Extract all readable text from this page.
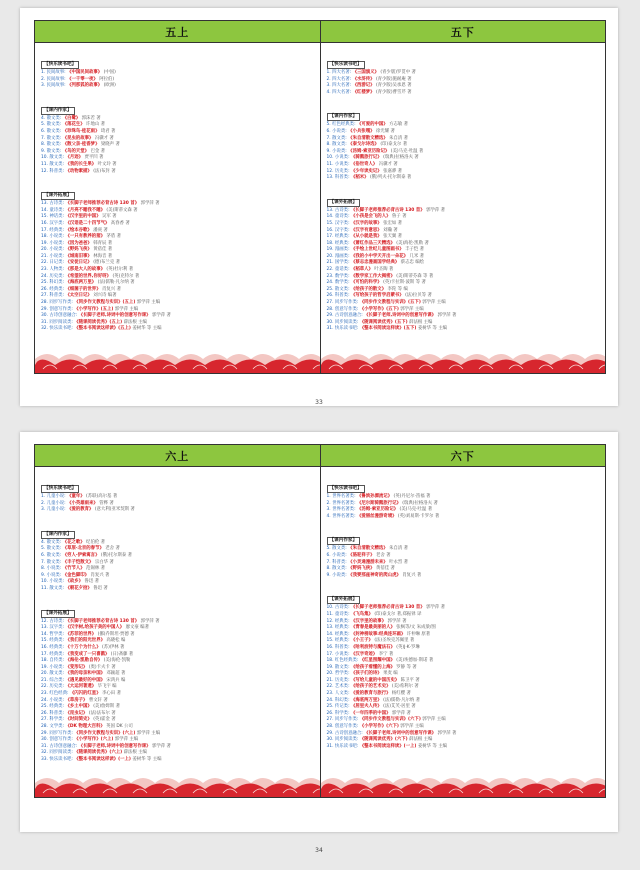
五上
【快乐读书吧】
1. 民间故事: 《中国民间故事》 (中国)
2. 民间故事: 《一千零一夜》 阿拉伯)
3. 民间故事: 《列那狐的故事》 (欧洲)
【课内作家】
4. 散文类: 《白鹭》 郭沫若 著
5. 散文类: 《落花生》 许地山 著
6. 散文类: 《珍珠鸟·桂花雨》 琦君 著
7. 散文类: 《昆虫的故事》 冯骥才 著
8. 散文类: 《散父亲·桂香梦》 梁晓声 著
9. 散文类: 《鸟的天堂》 巴金 著
10. 散文类: 《月迹》 贾平凹 著
11. 散文类: 《我的长生果》 叶文玲 著
12. 科普类: 《动物素描》 (法)布封 著
【课外拓展】
13. 古诗类: 《长脚子老师推荐必背古诗 130 首》 郭学萍 著
14. 童诗类: 《月亮不睡我不睡》 (美)斯蒂文森 著
15. 神话类: 《汉字里的中国》 吴军 著
16. 汉字类: 《汉语是二十四节气》 高春香 著
17. 经典类: 《绘本谷歌》 潘庚 著
18. 小说类: 《一只有教养的猪》 茅盾 著
19. 小说类: 《因为爸爸》 韩青辰 著
20. 小说类: 《野妈飞侠》 黄蓓佳 著
21. 小说类: 《城南旧事》 林海音 著
22. 日记类: 《安徒日记》 (德)布兰克 著
23. 人物类: 《那是大人的故事》 (英)杜尔利 著
24. 历史类: 《希望的世界,你好呀》 (英)克特尔 著
25. 科幻类: 《海底两万里》 (法)儒勒·凡尔纳 著
26. 经典类: 《细菌子的世界》 肖复兴 著
27. 科普类: 《太空日记》 刘兴诗 编著
28. 同步写作类: 《同步作文教程与实训》(五上) 郭学萍 主编
29. 创意写作类: 《小学写作》(五上) 郭学萍 主编
30. 古诗创意融合: 《长脚子老师,诗词中的创意写作课》 郭学萍 著
31. 同步阅读类: 《随课阅读优秀》(五上) 薛法根 主编
32. 快乐读书吧: 《整本书阅读这样读》(五上) 姜树华 等 主编
五下
【快乐读书吧】
1. 四大名著: 《三国演义》 (青少版)罗贯中 著
2. 四大名著: 《水浒传》 (青少版)施耐庵 著
3. 四大名著: 《西游记》 (青少版)吴承恩 著
4. 四大名著: 《红楼梦》 (青少版)曹雪芹 著
【课内作家】
5. 红色经典类: 《可爱的中国》 方志敏 著
6. 小说类: 《小兵张嘎》 徐光耀 著
7. 散文类: 《朱自清散文精选》 朱自清 著
8. 散文类: 《泰戈尔诗选》 (印)泰戈尔 著
9. 小说类: 《汤姆·索亚历险记》 (美)马克·吐温 著
10. 小说类: 《骑鹅旅行记》 (瑞典)拉格洛夫 著
11. 小说类: 《俗世奇人》 冯骥才 著
12. 历史类: 《少年读史记》 张嘉骅 著
13. 科普类: 《稻米》 (俄)列夫·托尔斯泰 著
【课外拓展】
13. 古诗类: 《长脚子老师推荐必背古诗 130 首》 郭学萍 著
14. 童诗类: 《小孩是会飞的人》 鲁子 著
15. 汉字类: 《汉字的故事》 张宏如 著
16. 汉字类: 《汉字有意思》 刘瀚 著
17. 经典类: 《从小就是我》 张天翼 著
18. 经典类: 《萧红作品三天精选》 (美)海伦·凯勒 著
19. 漫画类: 《手绘上世纪儿童图画书》 丰子恺 著
20. 漫画类: 《我的小中学天开出一朵花》 几米 著
21. 国学类: 《蔡志忠漫画国学经典》 蔡志忠 编绘
22. 童话类: 《稻草人》 叶圣陶 著
23. 数学类: 《数学家工作大揭密》 (美)斯蒂芬森 等 著
24. 数学类: 《可怕的科学》 (英)卡拉斯·波斯 等 著
25. 散文类: 《给孩子的散文》 李陀 等 编
26. 科普类: 《写给孩子的哲学启蒙书》 (法)拉贝等 著
27. 同步写作类: 《同步作文教程与实训》(五下) 郭学萍 主编
28. 创意写作类: 《小学写作》(五下) 郭学萍 主编
29. 古诗创意融合: 《长脚子老师,诗词中的创意写作课》 郭学萍 著
30. 同步阅读类: 《随课阅读优秀》(五下) 薛法根 主编
31. 快乐读书吧: 《整本书阅读这样读》(五下) 姜树华 等 主编
33
六上
【快乐读书吧】
1. 儿童小说: 《童年》 (苏联)高尔基 著
2. 儿童小说: 《小英雄雨来》 管桦 著
3. 儿童小说: 《爱的教育》 (意大利)亚米契斯 著
【课内作家】
4. 散文类: 《花之歌》 纪伯伦 著
5. 散文类: 《草原·北京的春节》 老舍 著
6. 散文类: 《穷人·伊索寓言》 (俄)托尔斯泰 著
7. 散文类: 《丰子恺散文》 宗白华 著
8. 小说类: 《竹节人》 范锡林 著
9. 小说类: 《金色脚印》 肖复兴 著
10. 小说类: 《故乡》 鲁迅 著
11. 散文类: 《朝花夕拾》 鲁迅 著
【课外拓展】
12. 古诗类: 《长脚子老师推荐必背古诗 130 首》 郭学萍 著
13. 汉字类: 《汉字树,给孩子美的中国人》 廖文豪 编著
14. 哲学类: 《苏菲的世界》 (挪)乔斯坦·贾德 著
15. 经典类: 《我们的阳光世界》 高晓松 编
16. 经典类: 《十万个为什么》 (苏)伊林 著
17. 经典类: 《我变成了一只喜鹊》 (日)斋藤 著
18. 自传类: 《海伦·凯勒自传》 (美)海伦·凯勒
19. 小说类: 《变形记》 (奥)卡夫卡 著
20. 散文类: 《我的母亲和中国》 邓颖超 著
21. 综合类: 《遇见最好的中国》 宋鸿兵 编
22. 历史类: 《大运河著遗》 毕飞宇 编
23. 红色经典: 《闪闪的红星》 李心田 著
24. 小说类: 《草房子》 曹文轩 著
25. 经典类: 《乡土中国》 (美)詹姆斯 著
26. 科普类: 《昆虫记》 (法)法布尔 著
27. 科学类: 《时间简史》 (英)霍金 著
28. 文学类: 《DK 物理大百科》 英国 DK 公司
29. 同步写作类: 《同步作文教程与实训》(六上) 郭学萍 主编
30. 创意写作类: 《小学写作》(六上) 郭学萍 主编
31. 古诗创意融合: 《长脚子老师,诗词中的创意写作课》 郭学萍 著
32. 同步阅读类: 《随课阅读优秀》(六上) 薛法根 主编
33. 快乐读书吧: 《整本书阅读这样读》(一上) 姜树华 等 主编
六下
【快乐读书吧】
1. 世界名著类: 《鲁滨孙漂流记》 (英)丹尼尔·笛福 著
2. 世界名著类: 《尼尔斯骑鹅旅行记》 (瑞典)拉格洛夫 著
3. 世界名著类: 《汤姆·索亚历险记》 (美)马克·吐温 著
4. 世界名著类: 《爱丽丝漫游奇境》 (英)刘易斯·卡罗尔 著
【课内作家】
5. 散文类: 《朱自清散文精选》 朱自清 著
6. 小说类: 《骆驼祥子》 老舍 著
7. 科普类: 《小灵通漫游未来》 叶永烈 著
8. 散文类: 《野妈飞侠》 黄蓓佳 著
9. 小说类: 《我要那座神奇的爬山虎》 肖复兴 著
【课外拓展】
10. 古诗类: 《长脚子老师推荐必背古诗 130 首》 郭学萍 著
11. 童诗类: 《飞鸟集》 (印)泰戈尔 著,郑振铎 译
12. 经典类: 《汉字里的故事》 郭学萍 著
13. 经典类: 《青春是最美丽的人》 张枫等/文 朱成梁/图
14. 经典类: 《封神榜故事:经典连环画》 许仲琳 原著
15. 经典类: 《小王子》 (法)圣埃克苏佩里 著
16. 科普类: 《哈利波特与魔法石》 (英)J·K·罗琳
17. 小说类: 《汉字奇迹》 李宁 著
18. 红色经典类: 《红星照耀中国》 (美)埃德加·斯诺 著
19. 散文类: 《给孩子看懂的上海》 罗静 等 著
20. 哲学类: 《孩子们的诗》 果麦 编
21. 历史类: 《写给儿童的中国历史》 陈卫平 著
22. 艺术类: 《给孩子的艺术史》 (美)希利尔 著
23. 人文类: 《爱的教育与旅行》 杨红樱 著
24. 科幻类: 《海底两万里》 (法)儒勒·凡尔纳 著
25. 传记类: 《居里夫人传》 (法)艾芙·居里 著
26. 科学类: 《一年四季的中国》 郭学萍 著
27. 同步写作类: 《同步作文教程与实训》(六下) 郭学萍 主编
28. 创意写作类: 《小学写作》(六下) 郭学萍 主编
29. 古诗创意融合: 《长脚子老师,诗词中的创意写作课》 郭学萍 著
30. 同步阅读类: 《随课阅读优秀》(六下) 薛法根 主编
31. 快乐读书吧: 《整本书阅读这样读》(一上) 姜树华 等 主编
34
